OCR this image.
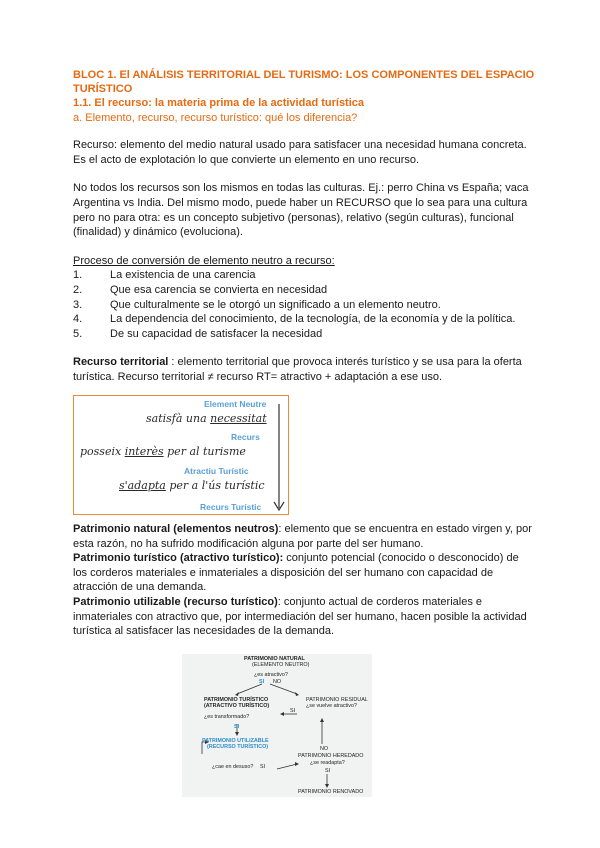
BLOC 1. El ANÁLISIS TERRITORIAL DEL TURISMO: LOS COMPONENTES DEL ESPACIO TURÍSTICO
1.1. El recurso: la materia prima de la actividad turística
a. Elemento, recurso, recurso turístico: qué los diferencia?

Recurso: elemento del medio natural usado para satisfacer una necesidad humana concreta. Es el acto de explotación lo que convierte un elemento en uno recurso.

No todos los recursos son los mismos en todas las culturas. Ej.: perro China vs España; vaca Argentina vs India. Del mismo modo, puede haber un RECURSO que lo sea para una cultura pero no para otra: es un concepto subjetivo (personas), relativo (según culturas), funcional (finalidad) y dinámico (evoluciona).

Proceso de conversión de elemento neutro a recurso:
1.	La existencia de una carencia
2.	Que esa carencia se convierta en necesidad
3.	Que culturalmente se le otorgó un significado a un elemento neutro.
4.	La dependencia del conocimiento, de la tecnología, de la economía y de la política.
5.	De su capacidad de satisfacer la necesidad

Recurso territorial : elemento territorial que provoca interés turístico y se usa para la oferta turística. Recurso territorial ≠ recurso RT= atractivo + adaptación a ese uso.

Element Neutre
satisfà una necessitat
Recurs
posseix interès per al turisme
Atractiu Turístic
s'adapta per a l'ús turístic
Recurs Turístic

Patrimonio natural (elementos neutros): elemento que se encuentra en estado virgen y, por esta razón, no ha sufrido modificación alguna por parte del ser humano.

Patrimonio turístico (atractivo turístico): conjunto potencial (conocido o desconocido) de los corderos materiales e inmateriales a disposición del ser humano con capacidad de atracción de una demanda.

Patrimonio utilizable (recurso turístico): conjunto actual de corderos materiales e inmateriales con atractivo que, por intermediación del ser humano, hacen posible la actividad turística al satisfacer las necesidades de la demanda.

PATRIMONIO NATURAL
(ELEMENTO NEUTRO)
¿es atractivo?
SI NO
PATRIMONIO TURÍSTICO
(ATRACTIVO TURÍSTICO)
PATRIMONIO RESIDUAL
¿se vuelve atractivo?
SI
¿es transformado?
SI
PATRIMONIO UTILIZABLE
(RECURSO TURÍSTICO)	NO
PATRIMONIO HEREDADO
¿cae en desuso? SI
¿se readapta?
SI
PATRIMONIO RENOVADO
